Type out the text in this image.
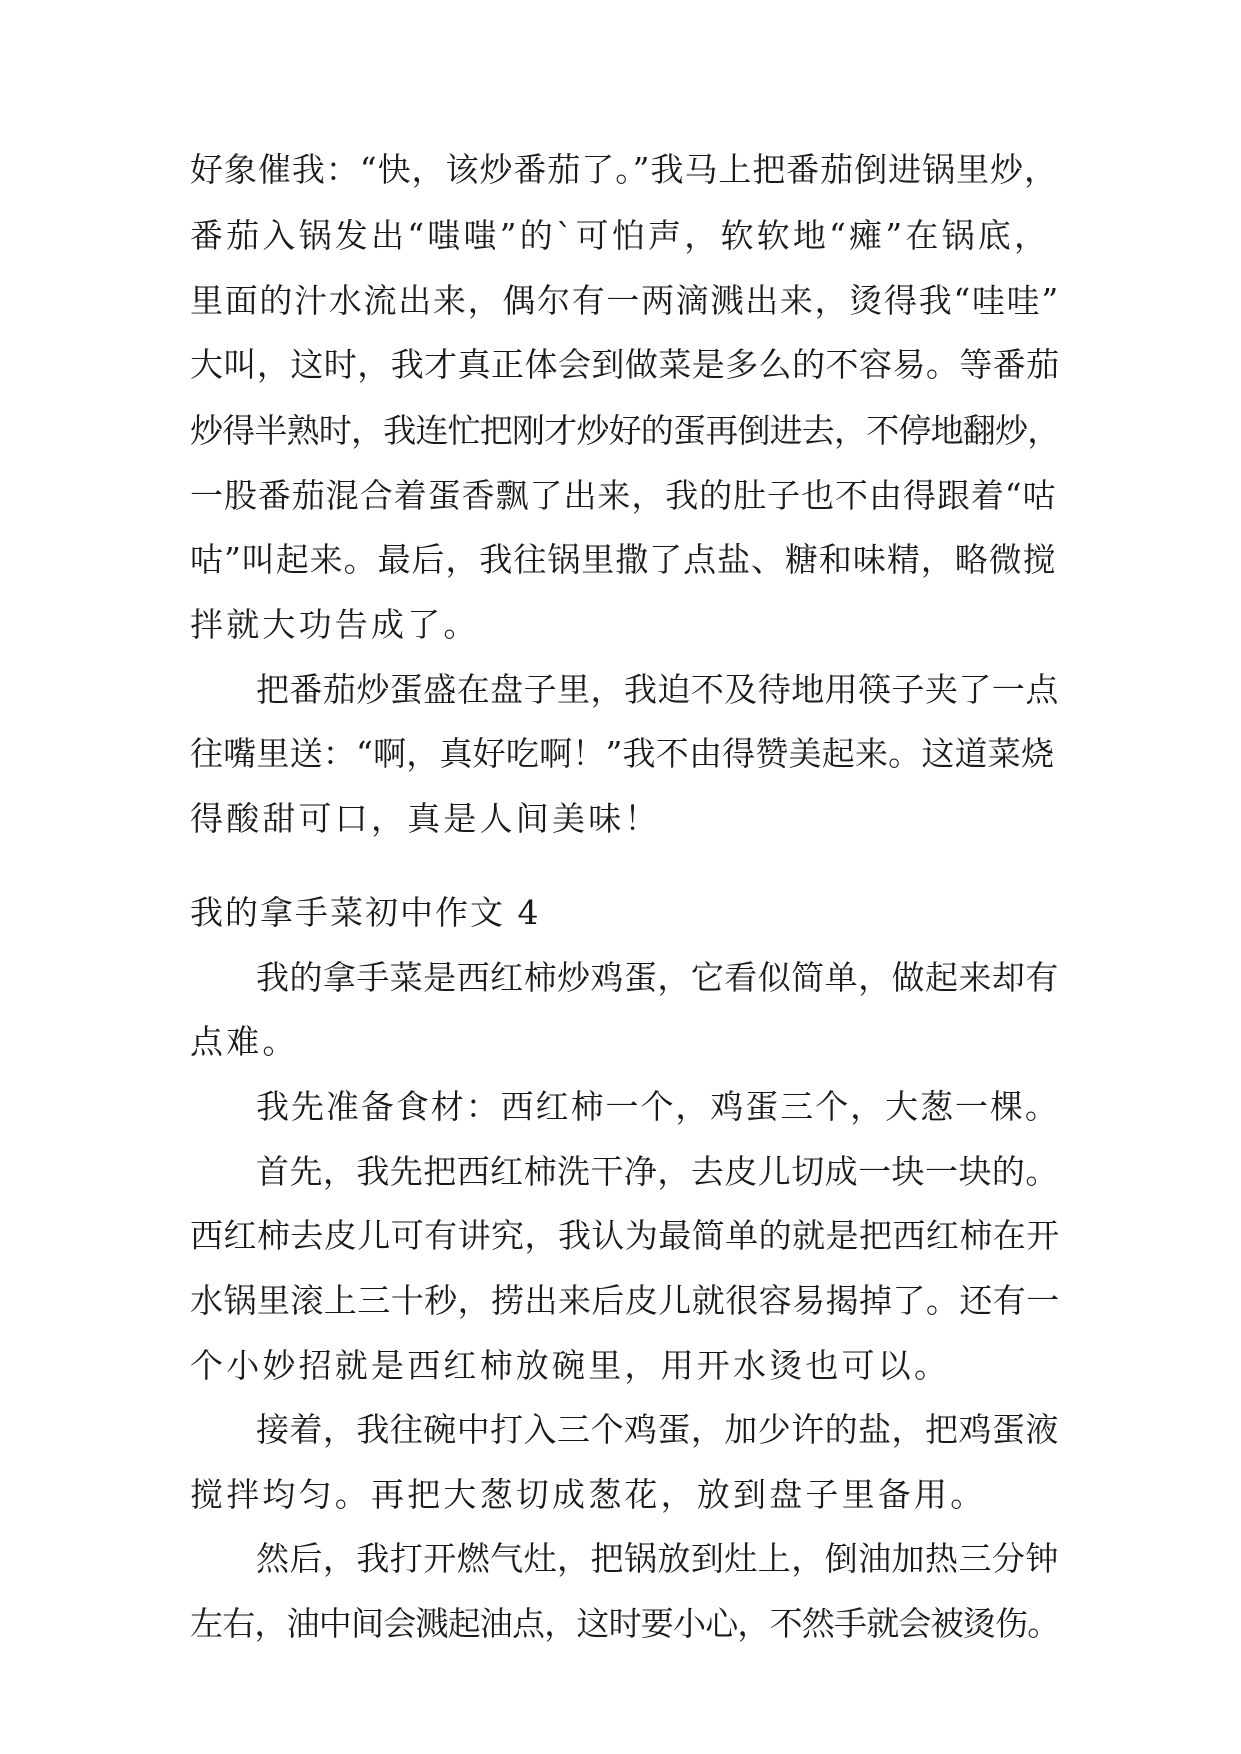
好象催我：“快，该炒番茄了。”我马上把番茄倒进锅里炒，
番茄入锅发出“嗤嗤”的`可怕声，软软地“瘫”在锅底，
里面的汁水流出来，偶尔有一两滴溅出来，烫得我“哇哇”
大叫，这时，我才真正体会到做菜是多么的不容易。等番茄
炒得半熟时，我连忙把刚才炒好的蛋再倒进去，不停地翻炒，
一股番茄混合着蛋香飘了出来，我的肚子也不由得跟着“咕
咕”叫起来。最后，我往锅里撒了点盐、糖和味精，略微搅
拌就大功告成了。
把番茄炒蛋盛在盘子里，我迫不及待地用筷子夹了一点
往嘴里送：“啊，真好吃啊！”我不由得赞美起来。这道菜烧
得酸甜可口，真是人间美味！
我的拿手菜初中作文 4
我的拿手菜是西红柿炒鸡蛋，它看似简单，做起来却有
点难。
我先准备食材：西红柿一个，鸡蛋三个，大葱一棵。
首先，我先把西红柿洗干净，去皮儿切成一块一块的。
西红柿去皮儿可有讲究，我认为最简单的就是把西红柿在开
水锅里滚上三十秒，捞出来后皮儿就很容易揭掉了。还有一
个小妙招就是西红柿放碗里，用开水烫也可以。
接着，我往碗中打入三个鸡蛋，加少许的盐，把鸡蛋液
搅拌均匀。再把大葱切成葱花，放到盘子里备用。
然后，我打开燃气灶，把锅放到灶上，倒油加热三分钟
左右，油中间会溅起油点，这时要小心，不然手就会被烫伤。
